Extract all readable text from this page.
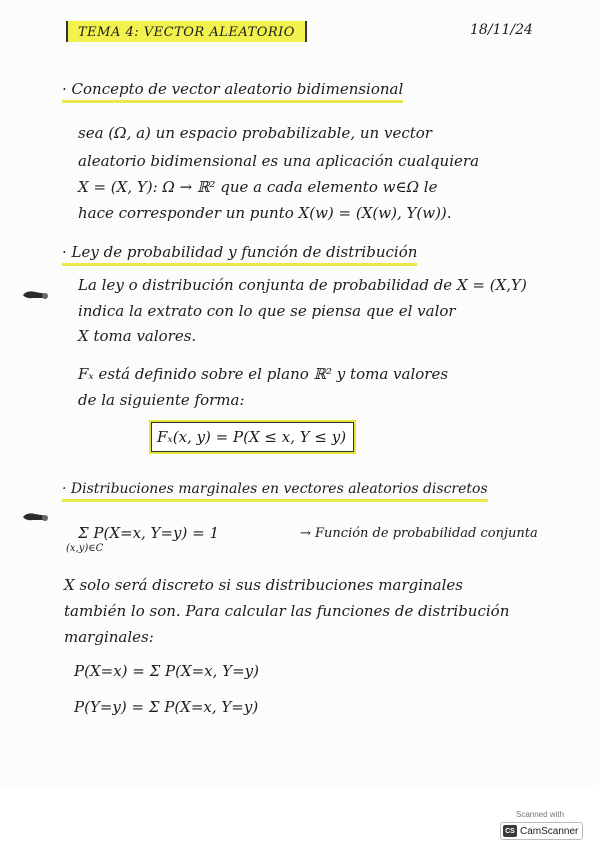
TEMA 4: VECTOR ALEATORIO	18/11/24
· Concepto de vector aleatorio bidimensional
sea (Ω, a) un espacio probabilizable, un vector
aleatorio bidimensional es una aplicación cualquiera
X = (X, Y): Ω → ℝ² que a cada elemento w∈Ω le
hace corresponder un punto X(w) = (X(w), Y(w)).
· Ley de probabilidad y función de distribución
La ley o distribución conjunta de probabilidad de X = (X,Y)
indica la extrato con lo que se piensa que el valor
X toma valores.
Fₓ está definido sobre el plano ℝ² y toma valores
de la siguiente forma:
Fₓ(x, y) = P(X ≤ x, Y ≤ y)
· Distribuciones marginales en vectores aleatorios discretos
Σ P(X=x, Y=y) = 1
(x,y)∈C
→ Función de probabilidad conjunta
X solo será discreto si sus distribuciones marginales
también lo son. Para calcular las funciones de distribución
marginales:
P(X=x) = Σ P(X=x, Y=y)
P(Y=y) = Σ P(X=x, Y=y)
Scanned with
CS CamScanner
